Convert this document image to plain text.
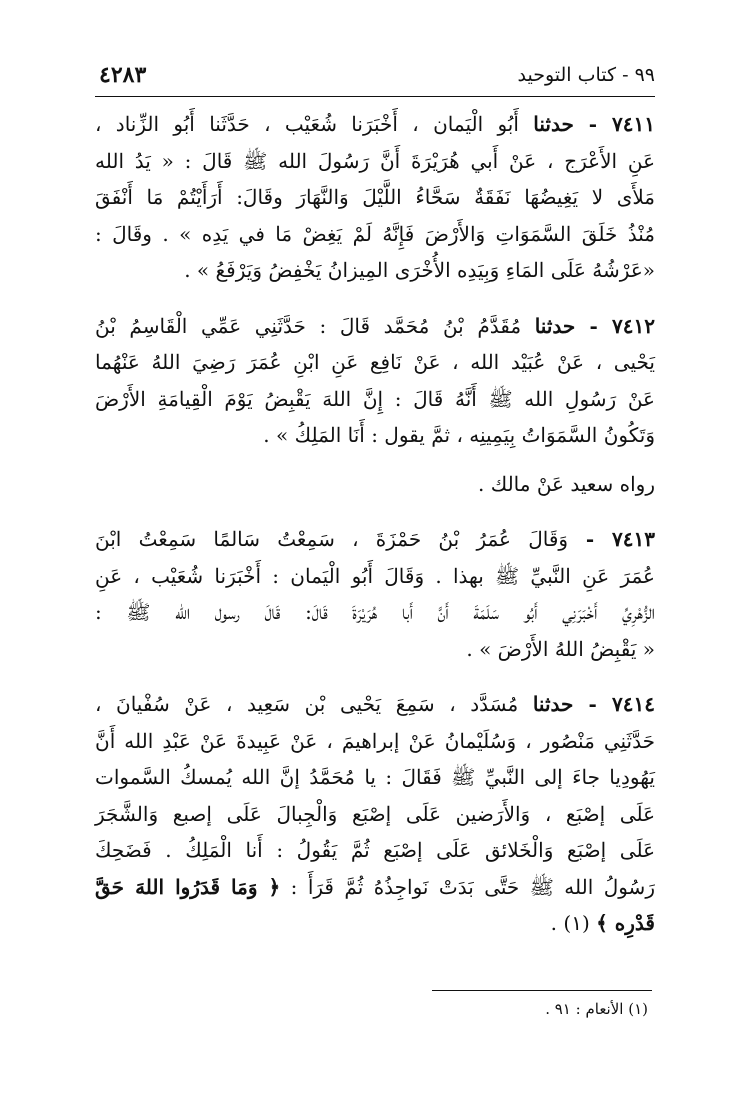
٩٩ - كتاب التوحيد
٤٢٨٣
٧٤١١ - حدثنا أَبُو الْيَمان ، أَخْبَرَنا شُعَيْب ، حَدَّثَنا أَبُو الزِّناد ،
عَنِ الأَعْرَج ، عَنْ أَبي هُرَيْرَةَ أَنَّ رَسُولَ الله ﷺ قَالَ : « يَدُ الله
مَلأَى لا يَغِيضُهَا نَفَقَةٌ سَحَّاءُ اللَّيْلَ وَالنَّهَارَ وقَالَ: أَرَأَيْتُمْ مَا أَنْفَقَ
مُنْذُ خَلَقَ السَّمَوَاتِ وَالأَرْضَ فَإِنَّهُ لَمْ يَغِضْ مَا في يَدِه » . وقَالَ :
«عَرْشُهُ عَلَى المَاءِ وَبِيَدِه الأُخْرَى المِيزانُ يَخْفِضُ وَيَرْفَعُ » .
٧٤١٢ - حدثنا مُقَدَّمُ بْنُ مُحَمَّد قَالَ : حَدَّثَنِي عَمِّي الْقَاسِمُ بْنُ
يَحْيى ، عَنْ عُبَيْد الله ، عَنْ نَافِع عَنِ ابْنِ عُمَرَ رَضِيَ اللهُ عَنْهُما
عَنْ رَسُولِ الله ﷺ أَنَّهُ قَالَ : إِنَّ اللهَ يَقْبِضُ يَوْمَ الْقِيامَةِ الأَرْضَ
وَتَكُونُ السَّمَوَاتُ بِيَمِينِه ، ثمَّ يقول : أَنَا المَلِكُ » .
رواه سعيد عَنْ مالك .
٧٤١٣ - وَقَالَ عُمَرُ بْنُ حَمْزَةَ ، سَمِعْتُ سَالمًا سَمِعْتُ ابْنَ
عُمَرَ عَنِ النَّبيِّ ﷺ بهذا . وَقَالَ أَبُو الْيَمان : أَخْبَرَنا شُعَيْب ، عَنِ
الزُّهْرِيِّ أَخْبَرَنِي أَبُو سَلَمَةَ أَنَّ أَبا هُرَيْرَةَ قَالَ: قَالَ رسول الله ﷺ :
« يَقْبِضُ اللهُ الأَرْضَ » .
٧٤١٤ - حدثنا مُسَدَّد ، سَمِعَ يَحْيى بْن سَعِيد ، عَنْ سُفْيانَ ،
حَدَّثَنِي مَنْصُور ، وَسُلَيْمانُ عَنْ إبراهيمَ ، عَنْ عَبِيدةَ عَنْ عَبْدِ الله أَنَّ
يَهُودِيا جاءَ إلى النَّبيِّ ﷺ فَقَالَ : يا مُحَمَّدُ إنَّ الله يُمسكُ السَّموات
عَلَى إصْبَع ، وَالأَرَضين عَلَى إصْبَع وَالْجِبالَ عَلَى إصبع وَالشَّجَرَ
عَلَى إصْبَع وَالْخَلائق عَلَى إصْبَع ثُمَّ يَقُولُ : أَنا الْمَلِكُ . فَضَحِكَ
رَسُولُ الله ﷺ حَتَّى بَدَتْ نَواجِذُهُ ثُمَّ قَرَأَ : ﴿ وَمَا قَدَرُوا اللهَ حَقَّ
قَدْرِه ﴾ (١) .
(١) الأنعام : ٩١ .
